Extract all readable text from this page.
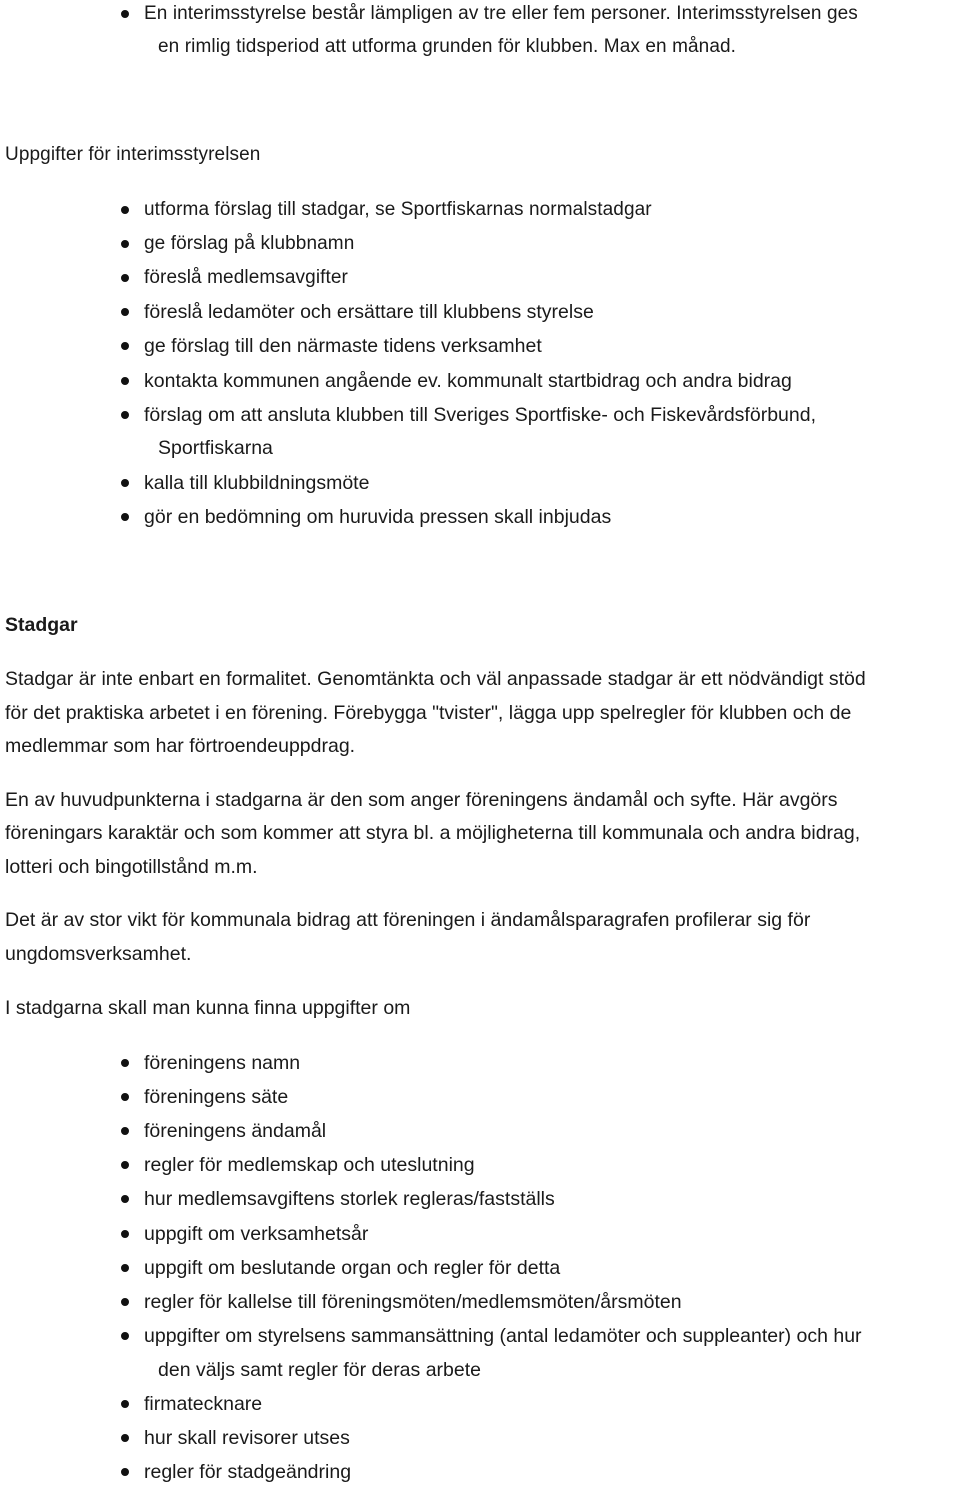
En interimsstyrelse består lämpligen av tre eller fem personer. Interimsstyrelsen ges
en rimlig tidsperiod att utforma grunden för klubben. Max en månad.
Uppgifter för interimsstyrelsen
utforma förslag till stadgar, se Sportfiskarnas normalstadgar
ge förslag på klubbnamn
föreslå medlemsavgifter
föreslå ledamöter och ersättare till klubbens styrelse
ge förslag till den närmaste tidens verksamhet
kontakta kommunen angående ev. kommunalt startbidrag och andra bidrag
förslag om att ansluta klubben till Sveriges Sportfiske- och Fiskevårdsförbund,
Sportfiskarna
kalla till klubbildningsmöte
gör en bedömning om huruvida pressen skall inbjudas
Stadgar
Stadgar är inte enbart en formalitet. Genomtänkta och väl anpassade stadgar är ett nödvändigt stöd
för det praktiska arbetet i en förening. Förebygga "tvister", lägga upp spelregler för klubben och de
medlemmar som har förtroendeuppdrag.
En av huvudpunkterna i stadgarna är den som anger föreningens ändamål och syfte. Här avgörs
föreningars karaktär och som kommer att styra bl. a möjligheterna till kommunala och andra bidrag,
lotteri och bingotillstånd m.m.
Det är av stor vikt för kommunala bidrag att föreningen i ändamålsparagrafen profilerar sig för
ungdomsverksamhet.
I stadgarna skall man kunna finna uppgifter om
föreningens namn
föreningens säte
föreningens ändamål
regler för medlemskap och uteslutning
hur medlemsavgiftens storlek regleras/fastställs
uppgift om verksamhetsår
uppgift om beslutande organ och regler för detta
regler för kallelse till föreningsmöten/medlemsmöten/årsmöten
uppgifter om styrelsens sammansättning (antal ledamöter och suppleanter) och hur
den väljs samt regler för deras arbete
firmatecknare
hur skall revisorer utses
regler för stadgeändring
